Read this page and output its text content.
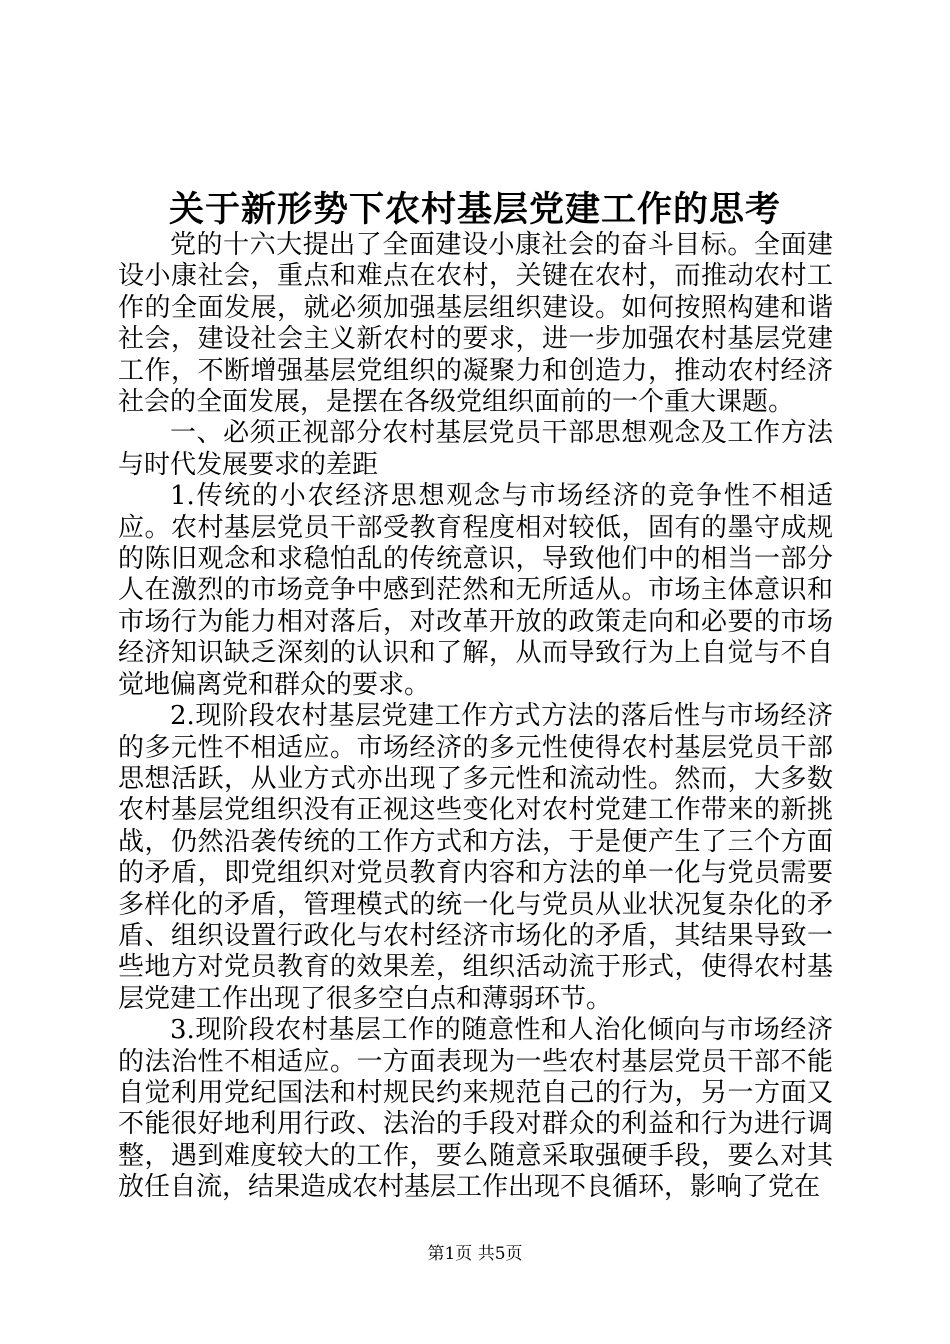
关于新形势下农村基层党建工作的思考

党的十六大提出了全面建设小康社会的奋斗目标。全面建设小康社会，重点和难点在农村，关键在农村，而推动农村工作的全面发展，就必须加强基层组织建设。如何按照构建和谐社会，建设社会主义新农村的要求，进一步加强农村基层党建工作，不断增强基层党组织的凝聚力和创造力，推动农村经济社会的全面发展，是摆在各级党组织面前的一个重大课题。

一、必须正视部分农村基层党员干部思想观念及工作方法与时代发展要求的差距

1.传统的小农经济思想观念与市场经济的竞争性不相适应。农村基层党员干部受教育程度相对较低，固有的墨守成规的陈旧观念和求稳怕乱的传统意识，导致他们中的相当一部分人在激烈的市场竞争中感到茫然和无所适从。市场主体意识和市场行为能力相对落后，对改革开放的政策走向和必要的市场经济知识缺乏深刻的认识和了解，从而导致行为上自觉与不自觉地偏离党和群众的要求。

2.现阶段农村基层党建工作方式方法的落后性与市场经济的多元性不相适应。市场经济的多元性使得农村基层党员干部思想活跃，从业方式亦出现了多元性和流动性。然而，大多数农村基层党组织没有正视这些变化对农村党建工作带来的新挑战，仍然沿袭传统的工作方式和方法，于是便产生了三个方面的矛盾，即党组织对党员教育内容和方法的单一化与党员需要多样化的矛盾，管理模式的统一化与党员从业状况复杂化的矛盾、组织设置行政化与农村经济市场化的矛盾，其结果导致一些地方对党员教育的效果差，组织活动流于形式，使得农村基层党建工作出现了很多空白点和薄弱环节。

3.现阶段农村基层工作的随意性和人治化倾向与市场经济的法治性不相适应。一方面表现为一些农村基层党员干部不能自觉利用党纪国法和村规民约来规范自己的行为，另一方面又不能很好地利用行政、法治的手段对群众的利益和行为进行调整，遇到难度较大的工作，要么随意采取强硬手段，要么对其放任自流，结果造成农村基层工作出现不良循环，影响了党在

第1页 共5页
